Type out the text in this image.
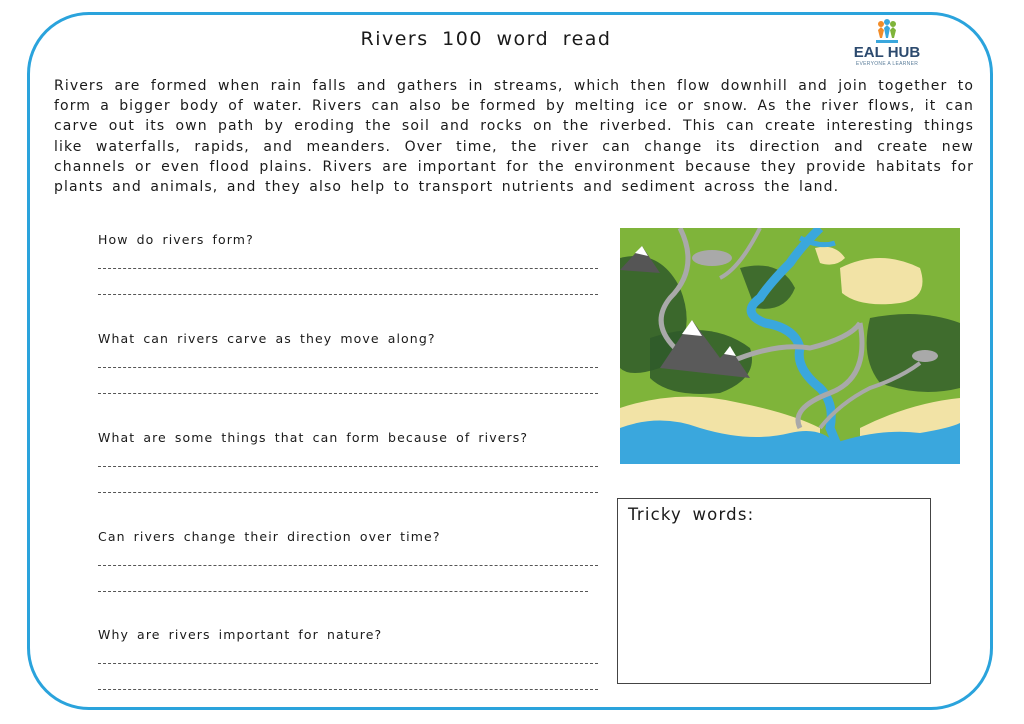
Rivers 100 word read
EAL HUB
EVERYONE A LEARNER

Rivers are formed when rain falls and gathers in streams, which then flow downhill and join together to form a bigger body of water. Rivers can also be formed by melting ice or snow. As the river flows, it can carve out its own path by eroding the soil and rocks on the riverbed. This can create interesting things like waterfalls, rapids, and meanders. Over time, the river can change its direction and create new channels or even flood plains. Rivers are important for the environment because they provide habitats for plants and animals, and they also help to transport nutrients and sediment across the land.

How do rivers form?
What can rivers carve as they move along?
What are some things that can form because of rivers?
Can rivers change their direction over time?
Why are rivers important for nature?
Tricky words:
